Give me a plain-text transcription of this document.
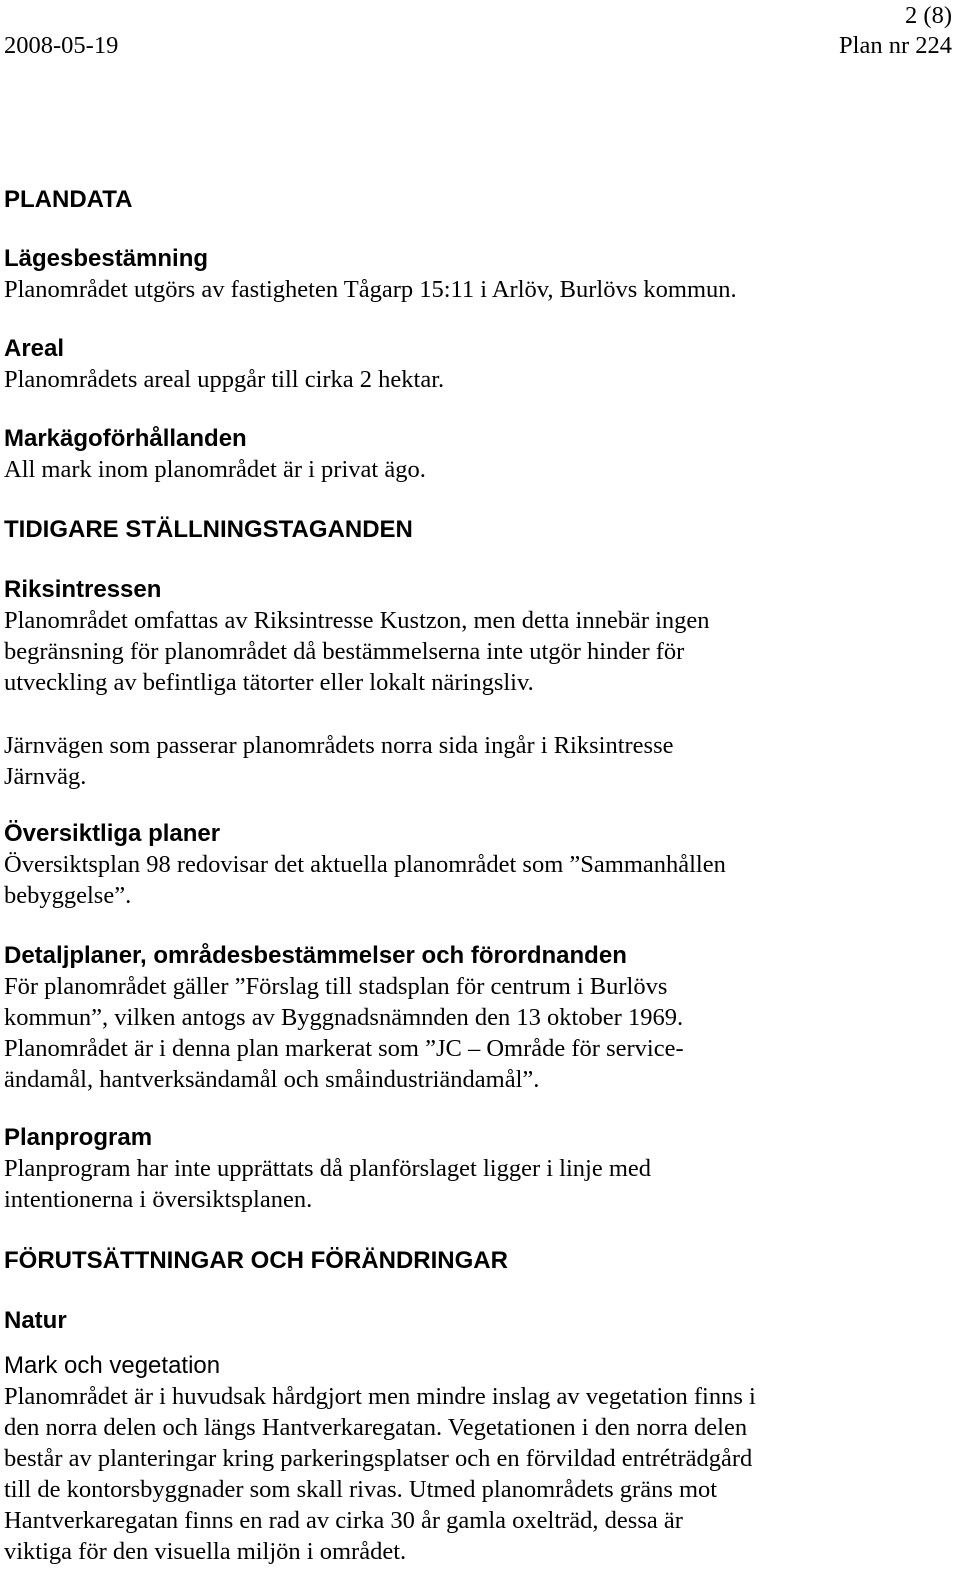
2 (8)

2008-05-19	Plan nr 224

PLANDATA
Lägesbestämning

Planområdet utgörs av fastigheten Tågarp 15:11 i Arlöv, Burlövs kommun.

Areal

Planområdets areal uppgår till cirka 2 hektar.

Markägoförhållanden

All mark inom planområdet är i privat ägo.

TIDIGARE STÄLLNINGSTAGANDEN
Riksintressen
Planområdet omfattas av Riksintresse Kustzon, men detta innebär ingen
begränsning för planområdet då bestämmelserna inte utgör hinder för
utveckling av befintliga tätorter eller lokalt näringsliv.
Järnvägen som passerar planområdets norra sida ingår i Riksintresse
Järnväg.
Översiktliga planer
Översiktsplan 98 redovisar det aktuella planområdet som ”Sammanhållen
bebyggelse”.
Detaljplaner, områdesbestämmelser och förordnanden
För planområdet gäller ”Förslag till stadsplan för centrum i Burlövs
kommun”, vilken antogs av Byggnadsnämnden den 13 oktober 1969.
Planområdet är i denna plan markerat som ”JC – Område för service-
ändamål, hantverksändamål och småindustriändamål”.
Planprogram
Planprogram har inte upprättats då planförslaget ligger i linje med
intentionerna i översiktsplanen.
FÖRUTSÄTTNINGAR OCH FÖRÄNDRINGAR
Natur
Mark och vegetation
Planområdet är i huvudsak hårdgjort men mindre inslag av vegetation finns i
den norra delen och längs Hantverkaregatan. Vegetationen i den norra delen
består av planteringar kring parkeringsplatser och en förvildad entréträdgård
till de kontorsbyggnader som skall rivas. Utmed planområdets gräns mot
Hantverkaregatan finns en rad av cirka 30 år gamla oxelträd, dessa är
viktiga för den visuella miljön i området.
